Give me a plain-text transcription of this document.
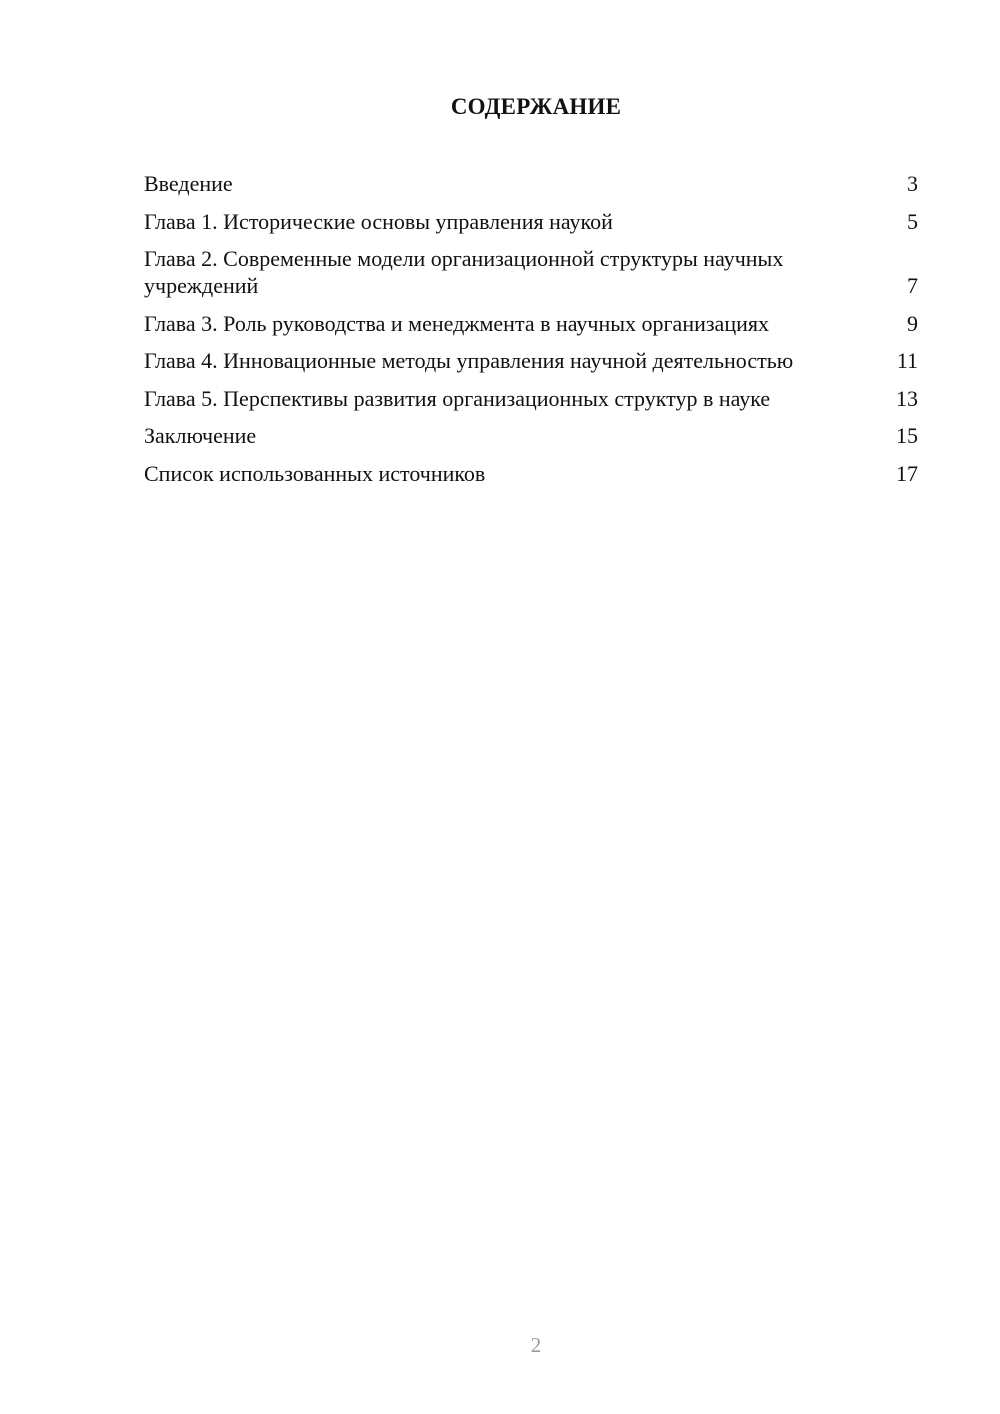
СОДЕРЖАНИЕ
Введение	3
Глава 1. Исторические основы управления наукой	5
Глава 2. Современные модели организационной структуры научных учреждений	7
Глава 3. Роль руководства и менеджмента в научных организациях	9
Глава 4. Инновационные методы управления научной деятельностью	11
Глава 5. Перспективы развития организационных структур в науке	13
Заключение	15
Список использованных источников	17
2
